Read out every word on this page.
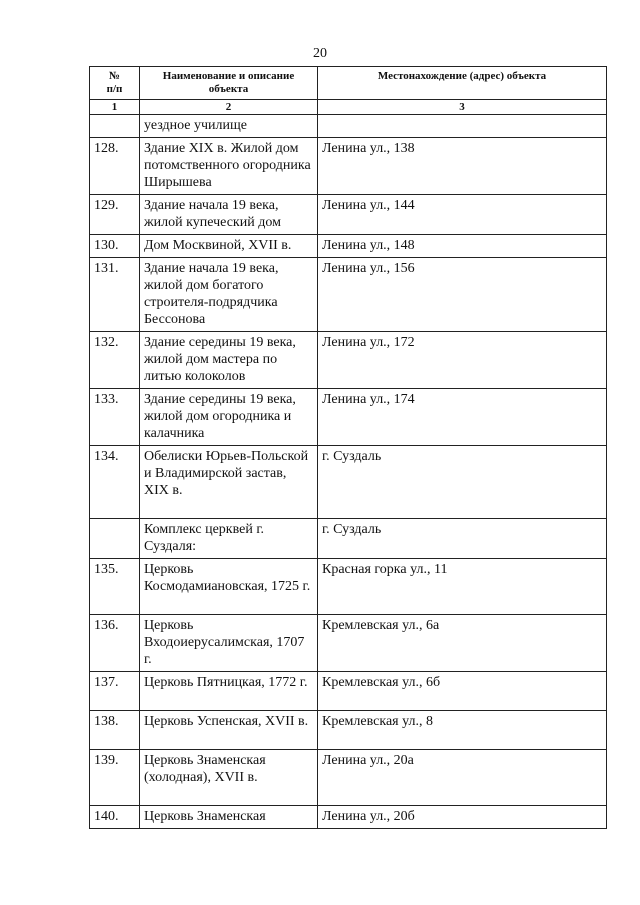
20
№
п/п	Наименование и описание объекта	Местонахождение (адрес) объекта
1	2	3
	уездное училище	
128.	Здание XIX в. Жилой дом потомственного огородника Ширышева	Ленина ул., 138
129.	Здание начала 19 века, жилой купеческий дом	Ленина ул., 144
130.	Дом Москвиной, XVII в.	Ленина ул., 148
131.	Здание начала 19 века, жилой дом богатого строителя-подрядчика Бессонова	Ленина ул., 156
132.	Здание середины 19 века, жилой дом мастера по литью колоколов	Ленина ул., 172
133.	Здание середины 19 века, жилой дом огородника и калачника	Ленина ул., 174
134.	Обелиски Юрьев-Польской и Владимирской застав, XIX в.	г. Суздаль
	Комплекс церквей г. Суздаля:	г. Суздаль
135.	Церковь Космодамиановская, 1725 г.	Красная горка ул., 11
136.	Церковь Входоиерусалимская, 1707 г.	Кремлевская ул., 6а
137.	Церковь Пятницкая, 1772 г.	Кремлевская ул., 6б
138.	Церковь Успенская, XVII в.	Кремлевская ул., 8
139.	Церковь Знаменская (холодная), XVII в.	Ленина ул., 20а
140.	Церковь Знаменская	Ленина ул., 20б
